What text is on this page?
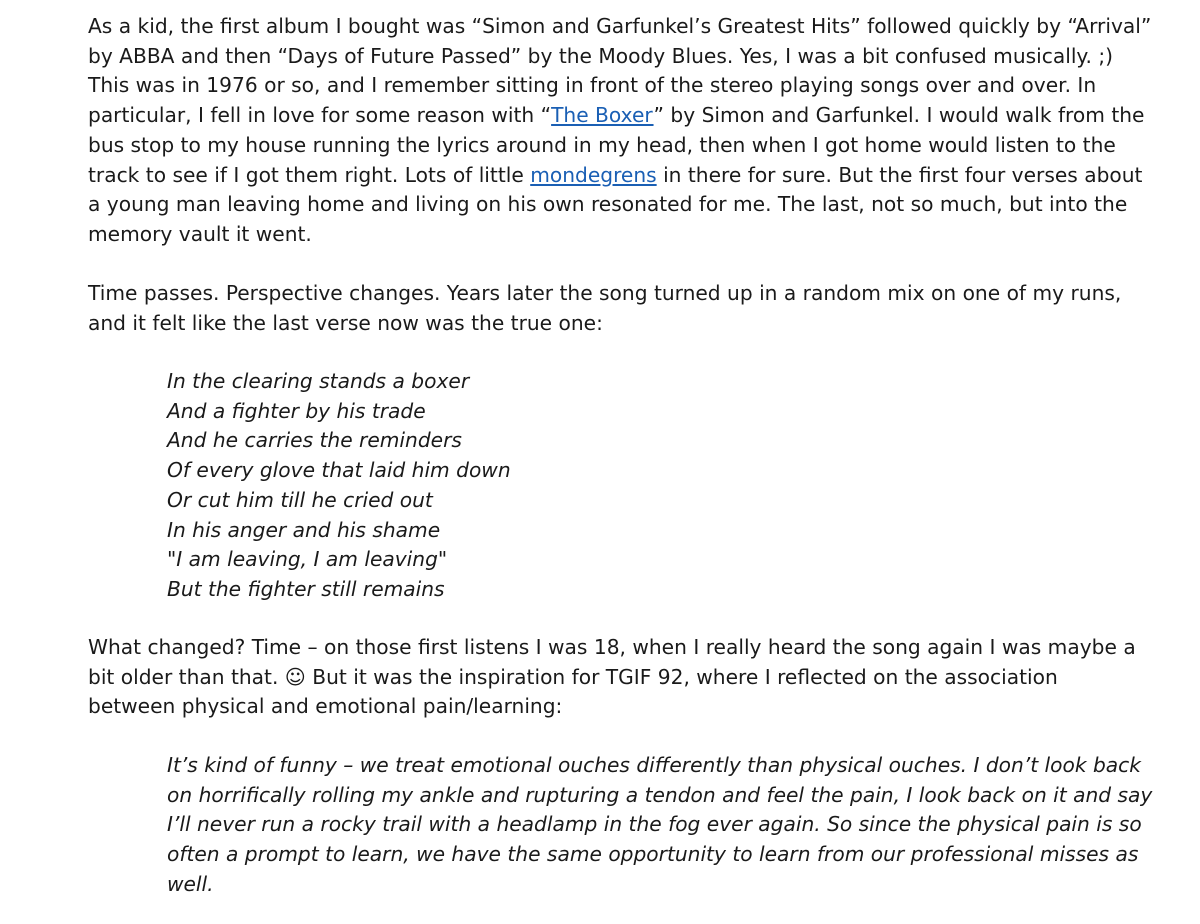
As a kid, the first album I bought was “Simon and Garfunkel’s Greatest Hits” followed quickly by “Arrival”
by ABBA and then “Days of Future Passed” by the Moody Blues. Yes, I was a bit confused musically. ;)
This was in 1976 or so, and I remember sitting in front of the stereo playing songs over and over. In
particular, I fell in love for some reason with “The Boxer” by Simon and Garfunkel. I would walk from the
bus stop to my house running the lyrics around in my head, then when I got home would listen to the
track to see if I got them right. Lots of little mondegrens in there for sure. But the first four verses about
a young man leaving home and living on his own resonated for me. The last, not so much, but into the
memory vault it went.
Time passes. Perspective changes. Years later the song turned up in a random mix on one of my runs,
and it felt like the last verse now was the true one:
In the clearing stands a boxer
And a fighter by his trade
And he carries the reminders
Of every glove that laid him down
Or cut him till he cried out
In his anger and his shame
"I am leaving, I am leaving"
But the fighter still remains
What changed? Time – on those first listens I was 18, when I really heard the song again I was maybe a
bit older than that. ☺ But it was the inspiration for TGIF 92, where I reflected on the association
between physical and emotional pain/learning:
It’s kind of funny – we treat emotional ouches differently than physical ouches. I don’t look back
on horrifically rolling my ankle and rupturing a tendon and feel the pain, I look back on it and say
I’ll never run a rocky trail with a headlamp in the fog ever again. So since the physical pain is so
often a prompt to learn, we have the same opportunity to learn from our professional misses as
well.
